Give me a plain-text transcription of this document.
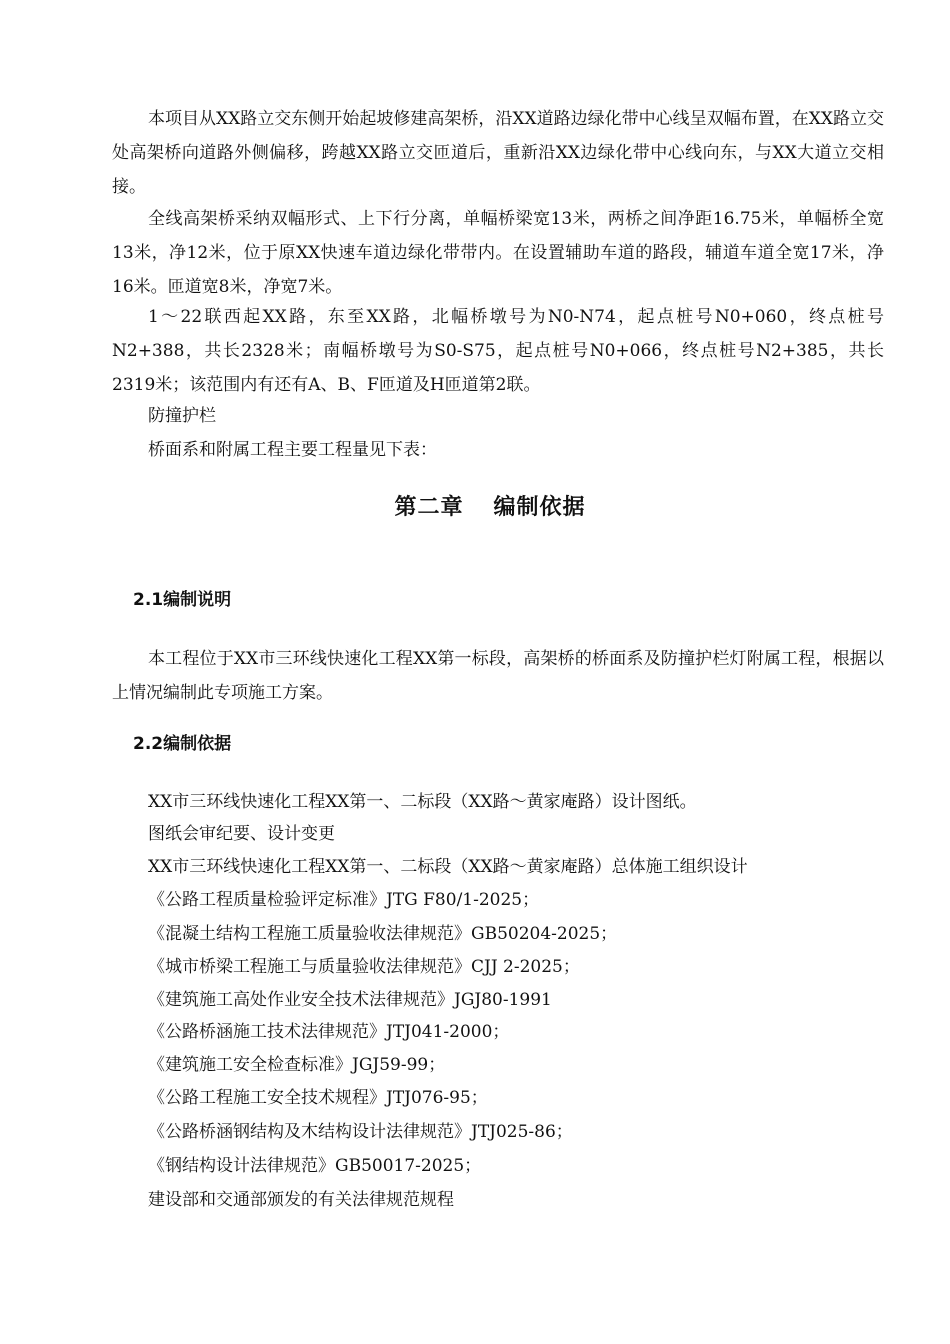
本项目从XX路立交东侧开始起坡修建高架桥，沿XX道路边绿化带中心线呈双幅布置，在XX路立交处高架桥向道路外侧偏移，跨越XX路立交匝道后，重新沿XX边绿化带中心线向东，与XX大道立交相接。

全线高架桥采纳双幅形式、上下行分离，单幅桥梁宽13米，两桥之间净距16.75米，单幅桥全宽13米，净12米，位于原XX快速车道边绿化带带内。在设置辅助车道的路段，辅道车道全宽17米，净16米。匝道宽8米，净宽7米。

1～22联西起XX路，东至XX路，北幅桥墩号为N0-N74，起点桩号N0+060，终点桩号N2+388，共长2328米；南幅桥墩号为S0-S75，起点桩号N0+066，终点桩号N2+385，共长2319米；该范围内有还有A、B、F匝道及H匝道第2联。

防撞护栏

桥面系和附属工程主要工程量见下表：

第二章 编制依据
2.1编制说明

本工程位于XX市三环线快速化工程XX第一标段，高架桥的桥面系及防撞护栏灯附属工程，根据以上情况编制此专项施工方案。

2.2编制依据

XX市三环线快速化工程XX第一、二标段（XX路～黄家庵路）设计图纸。

图纸会审纪要、设计变更

XX市三环线快速化工程XX第一、二标段（XX路～黄家庵路）总体施工组织设计

《公路工程质量检验评定标准》JTG F80/1-2025；

《混凝土结构工程施工质量验收法律规范》GB50204-2025；

《城市桥梁工程施工与质量验收法律规范》CJJ 2-2025；

《建筑施工高处作业安全技术法律规范》JGJ80-1991

《公路桥涵施工技术法律规范》JTJ041-2000；

《建筑施工安全检查标准》JGJ59-99；

《公路工程施工安全技术规程》JTJ076-95；

《公路桥涵钢结构及木结构设计法律规范》JTJ025-86；

《钢结构设计法律规范》GB50017-2025；

建设部和交通部颁发的有关法律规范规程
